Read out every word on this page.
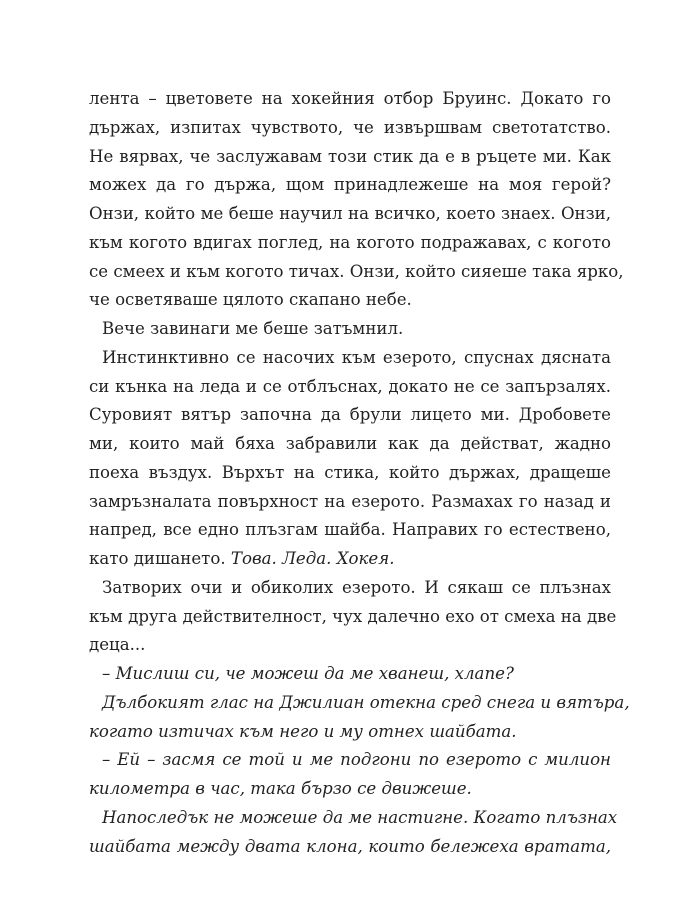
лента – цветовете на хокейния отбор Бруинс. Докато го
държах, изпитах чувството, че извършвам светотатство.
Не вярвах, че заслужавам този стик да е в ръцете ми. Как
можех да го държа, щом принадлежеше на моя герой?
Онзи, който ме беше научил на всичко, което знаех. Онзи,
към когото вдигах поглед, на когото подражавах, с когото
се смеех и към когото тичах. Онзи, който сияеше така ярко,
че осветяваше цялото скапано небе.
Вече завинаги ме беше затъмнил.
Инстинктивно се насочих към езерото, спуснах дясната
си кънка на леда и се отблъснах, докато не се запързалях.
Суровият вятър започна да брули лицето ми. Дробовете
ми, които май бяха забравили как да действат, жадно
поеха въздух. Върхът на стика, който държах, дращеше
замръзналата повърхност на езерото. Размахах го назад и
напред, все едно плъзгам шайба. Направих го естествено,
като дишането. Това. Леда. Хокея.
Затворих очи и обиколих езерото. И сякаш се плъзнах
към друга действителност, чух далечно ехо от смеха на две
деца...
– Мислиш си, че можеш да ме хванеш, хлапе?
Дълбокият глас на Джилиан отекна сред снега и вятъра,
когато изтичах към него и му отнех шайбата.
– Ей – засмя се той и ме подгони по езерото с милион
километра в час, така бързо се движеше.
Напоследък не можеше да ме настигне. Когато плъзнах
шайбата между двата клона, които бележеха вратата,
